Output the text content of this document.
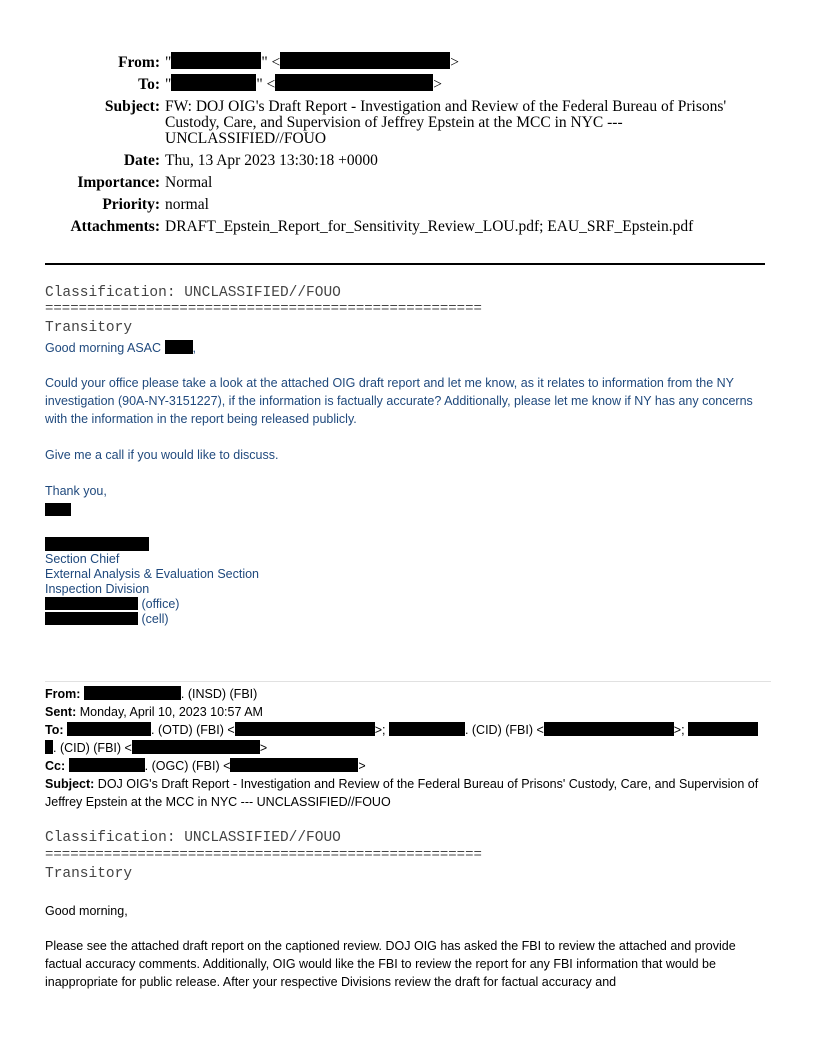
From: "	" <	>
To: "	" <	>
Subject: FW: DOJ OIG's Draft Report - Investigation and Review of the Federal Bureau of Prisons' Custody, Care, and Supervision of Jeffrey Epstein at the MCC in NYC --- UNCLASSIFIED//FOUO
Date: Thu, 13 Apr 2023 13:30:18 +0000
Importance: Normal
Priority: normal
Attachments: DRAFT_Epstein_Report_for_Sensitivity_Review_LOU.pdf; EAU_SRF_Epstein.pdf
Classification: UNCLASSIFIED//FOUO
====================================================
Transitory
Good morning ASAC ,
Could your office please take a look at the attached OIG draft report and let me know, as it relates to information from the NY investigation (90A-NY-3151227), if the information is factually accurate? Additionally, please let me know if NY has any concerns with the information in the report being released publicly.
Give me a call if you would like to discuss.
Thank you,
Section Chief
External Analysis & Evaluation Section
Inspection Division
(office)
(cell)
From:	. (INSD) (FBI)
Sent: Monday, April 10, 2023 10:57 AM
To:	. (OTD) (FBI) <	>;	. (CID) (FBI) <	>;
. (CID) (FBI) <	>
Cc:	. (OGC) (FBI) <	>
Subject: DOJ OIG's Draft Report - Investigation and Review of the Federal Bureau of Prisons' Custody, Care, and Supervision of Jeffrey Epstein at the MCC in NYC --- UNCLASSIFIED//FOUO
Classification: UNCLASSIFIED//FOUO
====================================================
Transitory
Good morning,
Please see the attached draft report on the captioned review. DOJ OIG has asked the FBI to review the attached and provide factual accuracy comments. Additionally, OIG would like the FBI to review the report for any FBI information that would be inappropriate for public release. After your respective Divisions review the draft for factual accuracy and
